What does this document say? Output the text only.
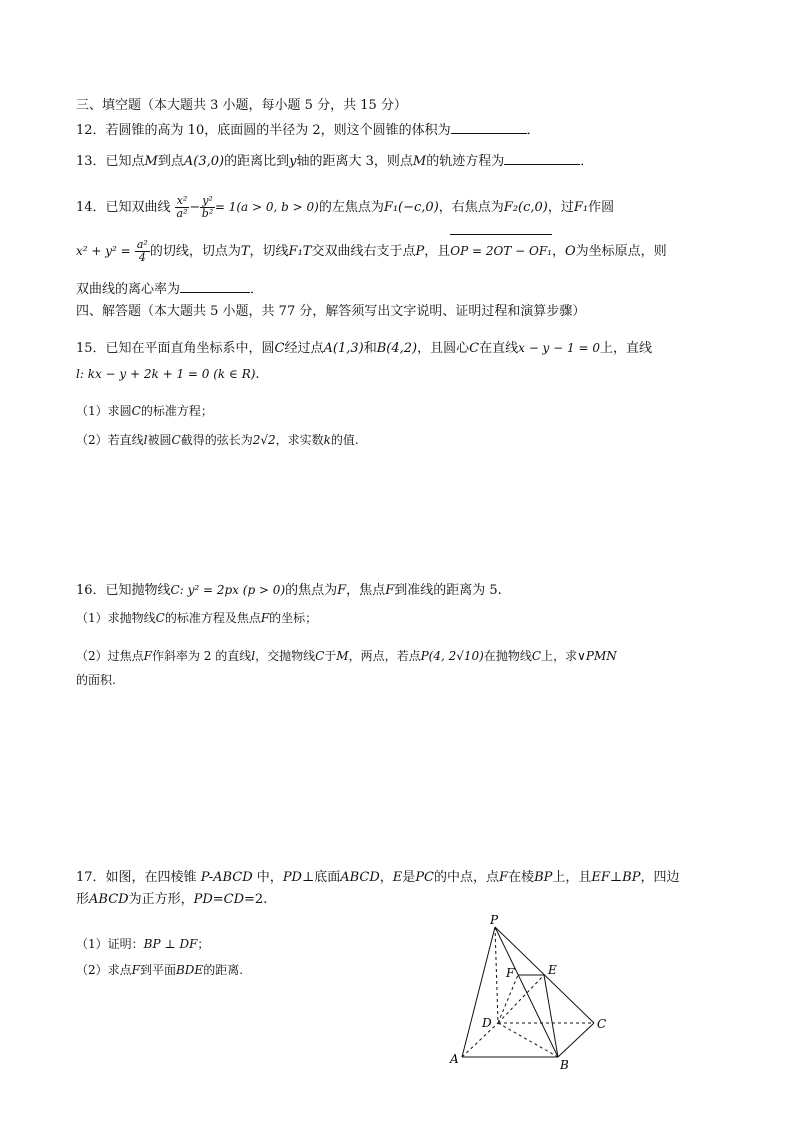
三、填空题（本大题共 3 小题，每小题 5 分，共 15 分）
12．若圆锥的高为 10，底面圆的半径为 2，则这个圆锥的体积为	．
13．已知点M到点A(3,0)的距离比到y轴的距离大 3，则点M的轨迹方程为	．
14．已知双曲线 $\frac{\text{x²}}{\text{a²}} - \frac{\text{y²}}{\text{b²}} = 1(a > 0$, b > 0)的左焦点为F₁(−c,0)，右焦点为F₂(c,0)，过F₁作圆
$x^2 + y^2 = \frac{\text{a²}}{4}$ 的切线，切点为T，切线F₁T交双曲线右支于点P，且OP = 2OT − OF₁，O为坐标原点，则
双曲线的离心率为	．
四、解答题（本大题共 5 小题，共 77 分，解答须写出文字说明、证明过程和演算步骤）
15．已知在平面直角坐标系中，圆C经过点A(1,3)和B(4,2)，且圆心C在直线x − y − 1 = 0上，直线
l: kx − y + 2k + 1 = 0 (k ∈ R).
（1）求圆C的标准方程；
（2）若直线l被圆C截得的弦长为2√2，求实数k的值.
16．已知抛物线C: y² = 2px (p > 0)的焦点为F，焦点F到准线的距离为 5.
（1）求抛物线C的标准方程及焦点F的坐标；
（2）过焦点F作斜率为 2 的直线l，交抛物线C于M，两点，若点P(4, 2√10)在抛物线C上，求∨PMN
的面积.
17．如图，在四棱锥 P-ABCD 中，PD⊥底面ABCD，E是PC的中点，点F在棱BP上，且EF⊥BP，四边
形ABCD为正方形，PD=CD=2.
（1）证明：BP ⊥ DF；
（2）求点F到平面BDE的距离.
P
F	E
D	C
A	B
